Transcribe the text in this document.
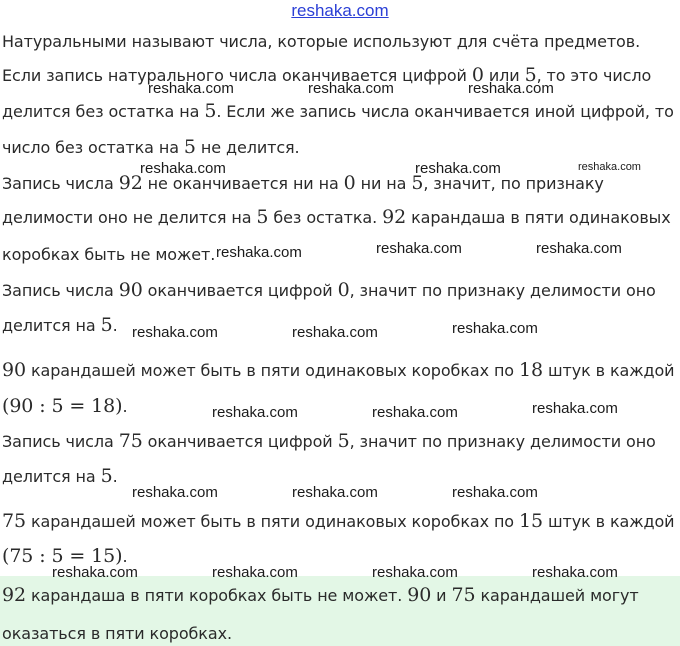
reshaka.com
Натуральными называют числа, которые используют для счёта предметов.
Если запись натурального числа оканчивается цифрой 0 или 5, то это число
делится без остатка на 5. Если же запись числа оканчивается иной цифрой, то
число без остатка на 5 не делится.
Запись числа 92 не оканчивается ни на 0 ни на 5, значит, по признаку
делимости оно не делится на 5 без остатка. 92 карандаша в пяти одинаковых
коробках быть не может.
Запись числа 90 оканчивается цифрой 0, значит по признаку делимости оно
делится на 5.
90 карандашей может быть в пяти одинаковых коробках по 18 штук в каждой
(90 : 5 = 18).
Запись числа 75 оканчивается цифрой 5, значит по признаку делимости оно
делится на 5.
75 карандашей может быть в пяти одинаковых коробках по 15 штук в каждой
(75 : 5 = 15).
92 карандаша в пяти коробках быть не может. 90 и 75 карандашей могут
оказаться в пяти коробках.
reshaka.com	reshaka.com	reshaka.com
reshaka.com	reshaka.com	reshaka.com
reshaka.com	reshaka.com	reshaka.com
reshaka.com	reshaka.com	reshaka.com
reshaka.com	reshaka.com	reshaka.com
reshaka.com	reshaka.com	reshaka.com
reshaka.com	reshaka.com	reshaka.com	reshaka.com
